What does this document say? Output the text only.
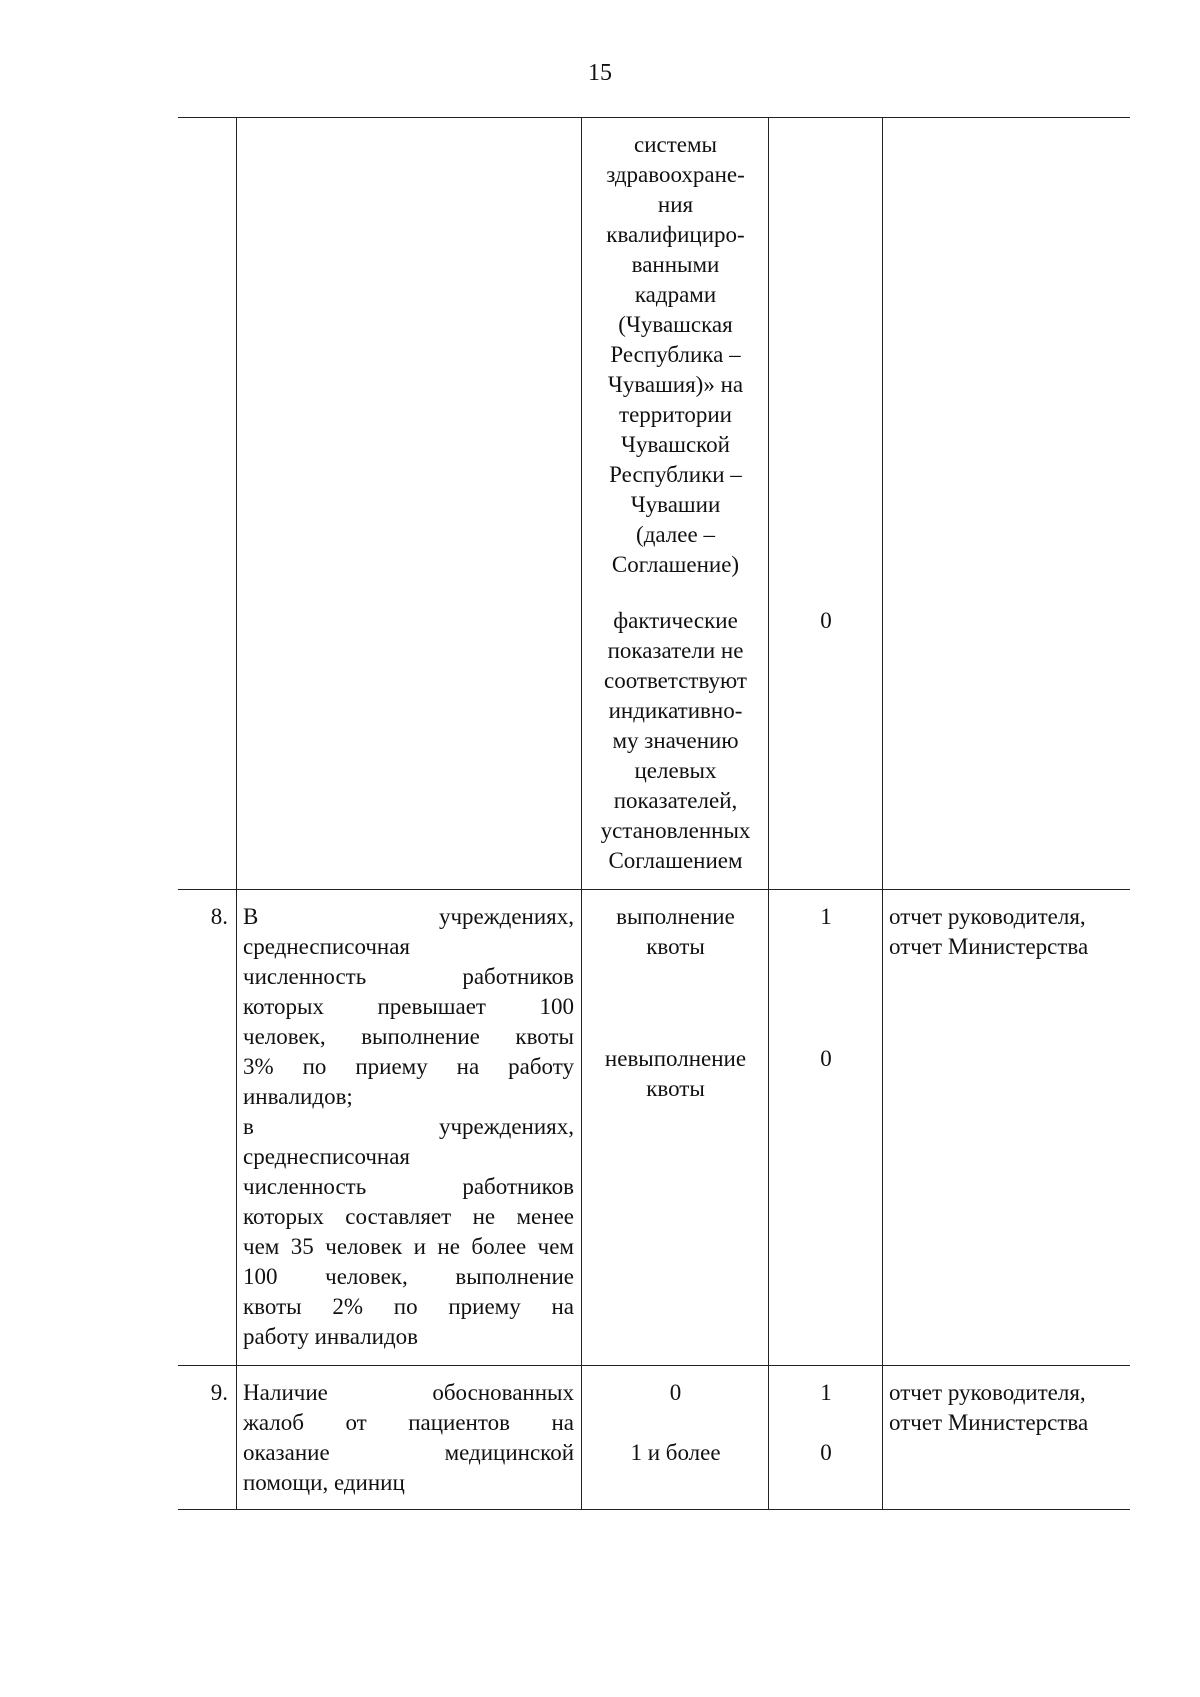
15
системы
здравоохране-
ния
квалифициро-
ванными
кадрами
(Чувашская
Республика –
Чувашия)» на
территории
Чувашской
Республики –
Чувашии
(далее –
Соглашение)
фактические
показатели не
соответствуют
индикативно-
му значению
целевых
показателей,
установленных
Соглашением
0
8. В учреждениях,
среднесписочная
численность работников
которых превышает 100
человек, выполнение квоты
3% по приему на работу
инвалидов;
в учреждениях,
среднесписочная
численность работников
которых составляет не менее
чем 35 человек и не более чем
100 человек, выполнение
квоты 2% по приему на
работу инвалидов
выполнение
квоты
1
невыполнение
квоты
0
отчет руководителя,
отчет Министерства
9. Наличие обоснованных
жалоб от пациентов на
оказание медицинской
помощи, единиц
0	1
1 и более	0
отчет руководителя,
отчет Министерства
